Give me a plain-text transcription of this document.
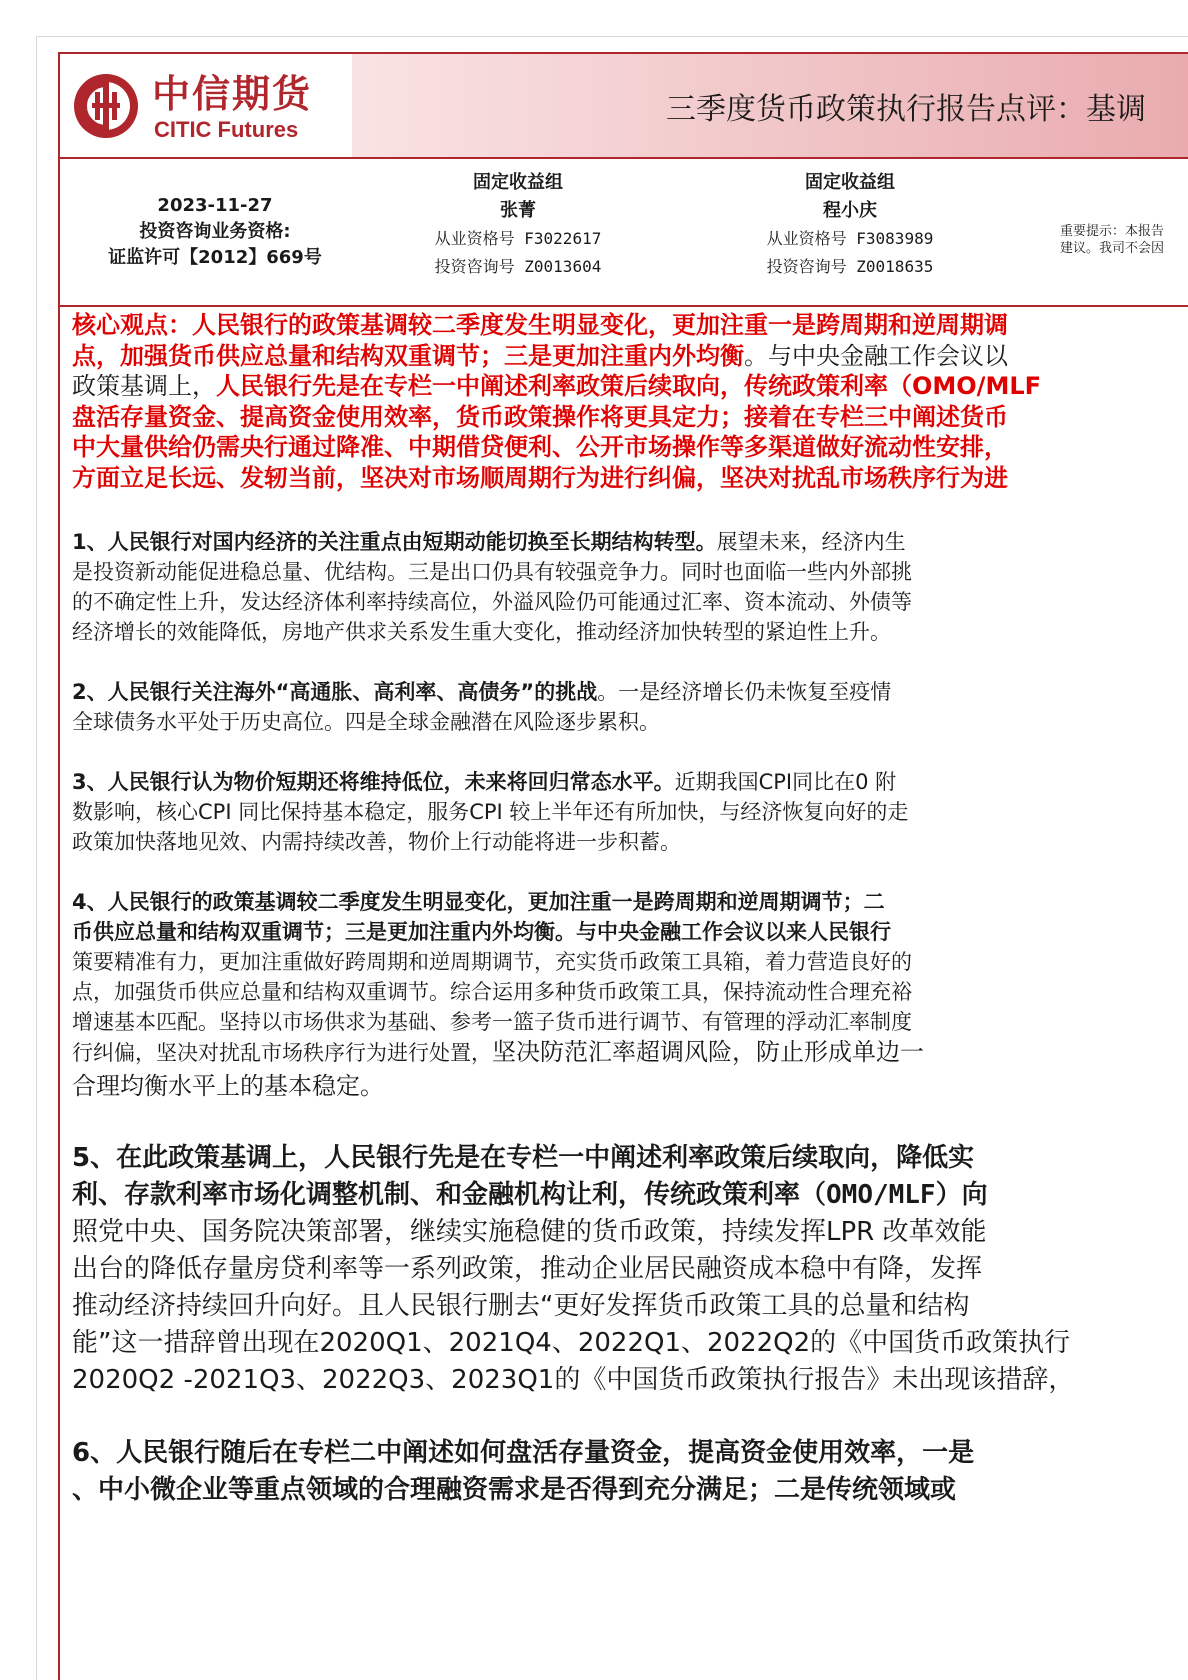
中信期货
CITIC Futures
三季度货币政策执行报告点评：基调
2023-11-27
投资咨询业务资格:
证监许可【2012】669号
固定收益组
张菁
从业资格号 F3022617
投资咨询号 Z0013604
固定收益组
程小庆
从业资格号 F3083989
投资咨询号 Z0018635
重要提示：本报告
建议。我司不会因
核心观点：人民银行的政策基调较二季度发生明显变化，更加注重一是跨周期和逆周期调
点，加强货币供应总量和结构双重调节；三是更加注重内外均衡。与中央金融工作会议以
政策基调上，人民银行先是在专栏一中阐述利率政策后续取向，传统政策利率（OMO/MLF
盘活存量资金、提高资金使用效率，货币政策操作将更具定力；接着在专栏三中阐述货币
中大量供给仍需央行通过降准、中期借贷便利、公开市场操作等多渠道做好流动性安排，
方面立足长远、发轫当前，坚决对市场顺周期行为进行纠偏，坚决对扰乱市场秩序行为进
1、人民银行对国内经济的关注重点由短期动能切换至长期结构转型。展望未来，经济内生
是投资新动能促进稳总量、优结构。三是出口仍具有较强竞争力。同时也面临一些内外部挑
的不确定性上升，发达经济体利率持续高位，外溢风险仍可能通过汇率、资本流动、外债等
经济增长的效能降低，房地产供求关系发生重大变化，推动经济加快转型的紧迫性上升。
2、人民银行关注海外“高通胀、高利率、高债务”的挑战。一是经济增长仍未恢复至疫情
全球债务水平处于历史高位。四是全球金融潜在风险逐步累积。
3、人民银行认为物价短期还将维持低位，未来将回归常态水平。近期我国CPI同比在0 附
数影响，核心CPI 同比保持基本稳定，服务CPI 较上半年还有所加快，与经济恢复向好的走
政策加快落地见效、内需持续改善，物价上行动能将进一步积蓄。
4、人民银行的政策基调较二季度发生明显变化，更加注重一是跨周期和逆周期调节；二
币供应总量和结构双重调节；三是更加注重内外均衡。与中央金融工作会议以来人民银行
策要精准有力，更加注重做好跨周期和逆周期调节，充实货币政策工具箱，着力营造良好的
点，加强货币供应总量和结构双重调节。综合运用多种货币政策工具，保持流动性合理充裕
增速基本匹配。坚持以市场供求为基础、参考一篮子货币进行调节、有管理的浮动汇率制度
行纠偏，坚决对扰乱市场秩序行为进行处置，坚决防范汇率超调风险，防止形成单边一
合理均衡水平上的基本稳定。
5、在此政策基调上，人民银行先是在专栏一中阐述利率政策后续取向，降低实
利、存款利率市场化调整机制、和金融机构让利，传统政策利率（OMO/MLF）向
照党中央、国务院决策部署，继续实施稳健的货币政策，持续发挥LPR 改革效能
出台的降低存量房贷利率等一系列政策，推动企业居民融资成本稳中有降，发挥
推动经济持续回升向好。且人民银行删去“更好发挥货币政策工具的总量和结构
能”这一措辞曾出现在2020Q1、2021Q4、2022Q1、2022Q2的《中国货币政策执行
2020Q2 -2021Q3、2022Q3、2023Q1的《中国货币政策执行报告》未出现该措辞，
6、人民银行随后在专栏二中阐述如何盘活存量资金，提高资金使用效率，一是
、中小微企业等重点领域的合理融资需求是否得到充分满足；二是传统领域或
